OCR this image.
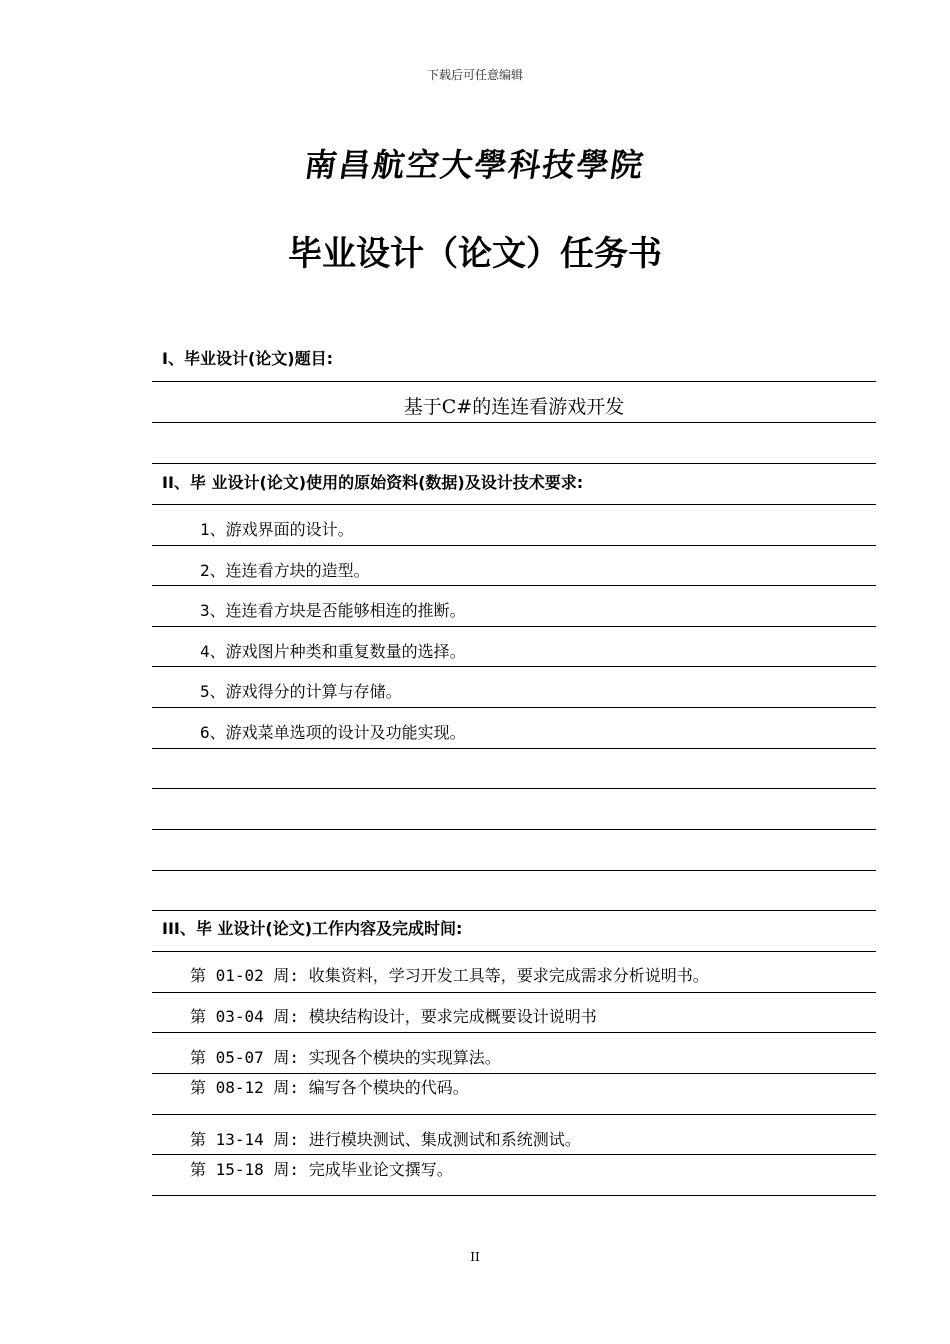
下载后可任意编辑
南昌航空大學科技學院
毕业设计（论文）任务书
I、毕业设计(论文)题目:
基于C#的连连看游戏开发
II、毕 业设计(论文)使用的原始资料(数据)及设计技术要求:
1、游戏界面的设计。
2、连连看方块的造型。
3、连连看方块是否能够相连的推断。
4、游戏图片种类和重复数量的选择。
5、游戏得分的计算与存储。
6、游戏菜单选项的设计及功能实现。
III、毕 业设计(论文)工作内容及完成时间:
第 01-02 周: 收集资料，学习开发工具等，要求完成需求分析说明书。
第 03-04 周: 模块结构设计，要求完成概要设计说明书
第 05-07 周: 实现各个模块的实现算法。
第 08-12 周: 编写各个模块的代码。
第 13-14 周: 进行模块测试、集成测试和系统测试。
第 15-18 周: 完成毕业论文撰写。
II
